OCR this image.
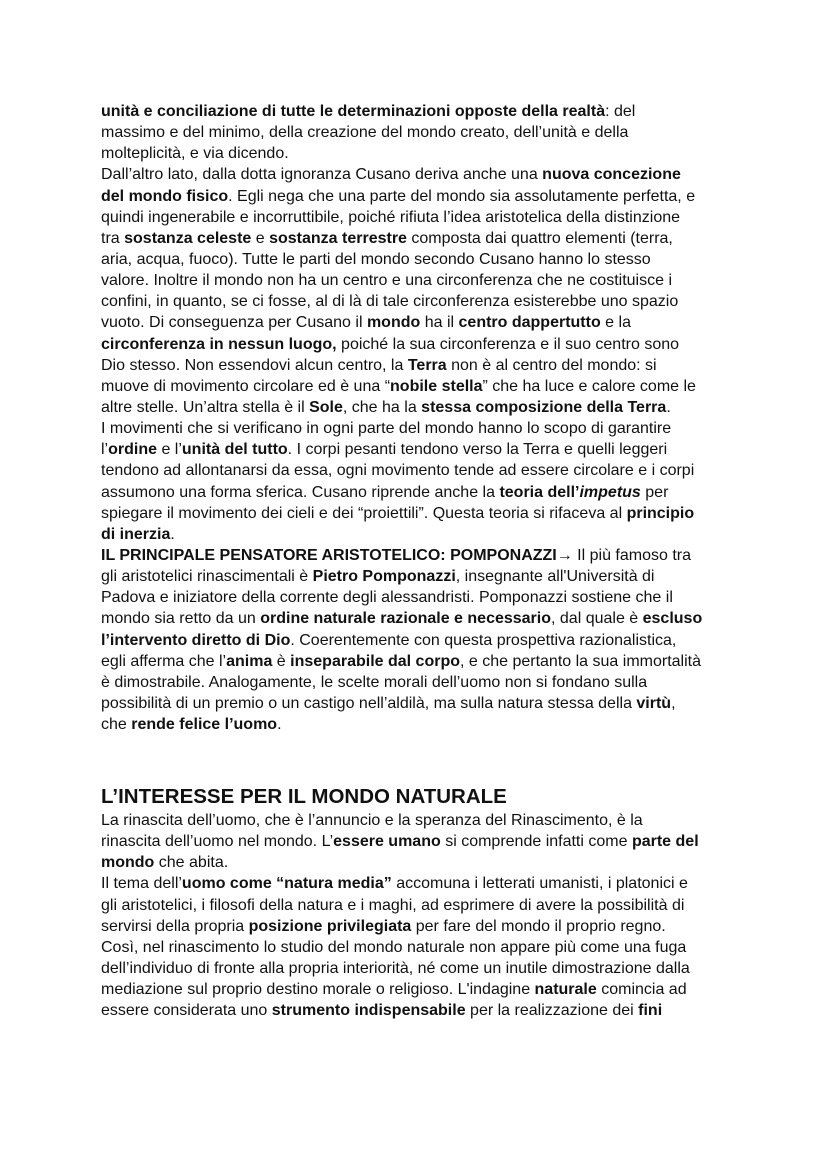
unità e conciliazione di tutte le determinazioni opposte della realtà: del
massimo e del minimo, della creazione del mondo creato, dell’unità e della
molteplicità, e via dicendo.
Dall’altro lato, dalla dotta ignoranza Cusano deriva anche una nuova concezione
del mondo fisico. Egli nega che una parte del mondo sia assolutamente perfetta, e
quindi ingenerabile e incorruttibile, poiché rifiuta l’idea aristotelica della distinzione
tra sostanza celeste e sostanza terrestre composta dai quattro elementi (terra,
aria, acqua, fuoco). Tutte le parti del mondo secondo Cusano hanno lo stesso
valore. Inoltre il mondo non ha un centro e una circonferenza che ne costituisce i
confini, in quanto, se ci fosse, al di là di tale circonferenza esisterebbe uno spazio
vuoto. Di conseguenza per Cusano il mondo ha il centro dappertutto e la
circonferenza in nessun luogo, poiché la sua circonferenza e il suo centro sono
Dio stesso. Non essendovi alcun centro, la Terra non è al centro del mondo: si
muove di movimento circolare ed è una “nobile stella” che ha luce e calore come le
altre stelle. Un’altra stella è il Sole, che ha la stessa composizione della Terra.
I movimenti che si verificano in ogni parte del mondo hanno lo scopo di garantire
l’ordine e l’unità del tutto. I corpi pesanti tendono verso la Terra e quelli leggeri
tendono ad allontanarsi da essa, ogni movimento tende ad essere circolare e i corpi
assumono una forma sferica. Cusano riprende anche la teoria dell’impetus per
spiegare il movimento dei cieli e dei “proiettili”. Questa teoria si rifaceva al principio
di inerzia.
IL PRINCIPALE PENSATORE ARISTOTELICO: POMPONAZZI→ Il più famoso tra
gli aristotelici rinascimentali è Pietro Pomponazzi, insegnante all'Università di
Padova e iniziatore della corrente degli alessandristi. Pomponazzi sostiene che il
mondo sia retto da un ordine naturale razionale e necessario, dal quale è escluso
l’intervento diretto di Dio. Coerentemente con questa prospettiva razionalistica,
egli afferma che l’anima è inseparabile dal corpo, e che pertanto la sua immortalità
è dimostrabile. Analogamente, le scelte morali dell’uomo non si fondano sulla
possibilità di un premio o un castigo nell’aldilà, ma sulla natura stessa della virtù,
che rende felice l’uomo.
L’INTERESSE PER IL MONDO NATURALE
La rinascita dell’uomo, che è l’annuncio e la speranza del Rinascimento, è la
rinascita dell’uomo nel mondo. L’essere umano si comprende infatti come parte del
mondo che abita.
Il tema dell’uomo come “natura media” accomuna i letterati umanisti, i platonici e
gli aristotelici, i filosofi della natura e i maghi, ad esprimere di avere la possibilità di
servirsi della propria posizione privilegiata per fare del mondo il proprio regno.
Così, nel rinascimento lo studio del mondo naturale non appare più come una fuga
dell’individuo di fronte alla propria interiorità, né come un inutile dimostrazione dalla
mediazione sul proprio destino morale o religioso. L'indagine naturale comincia ad
essere considerata uno strumento indispensabile per la realizzazione dei fini
